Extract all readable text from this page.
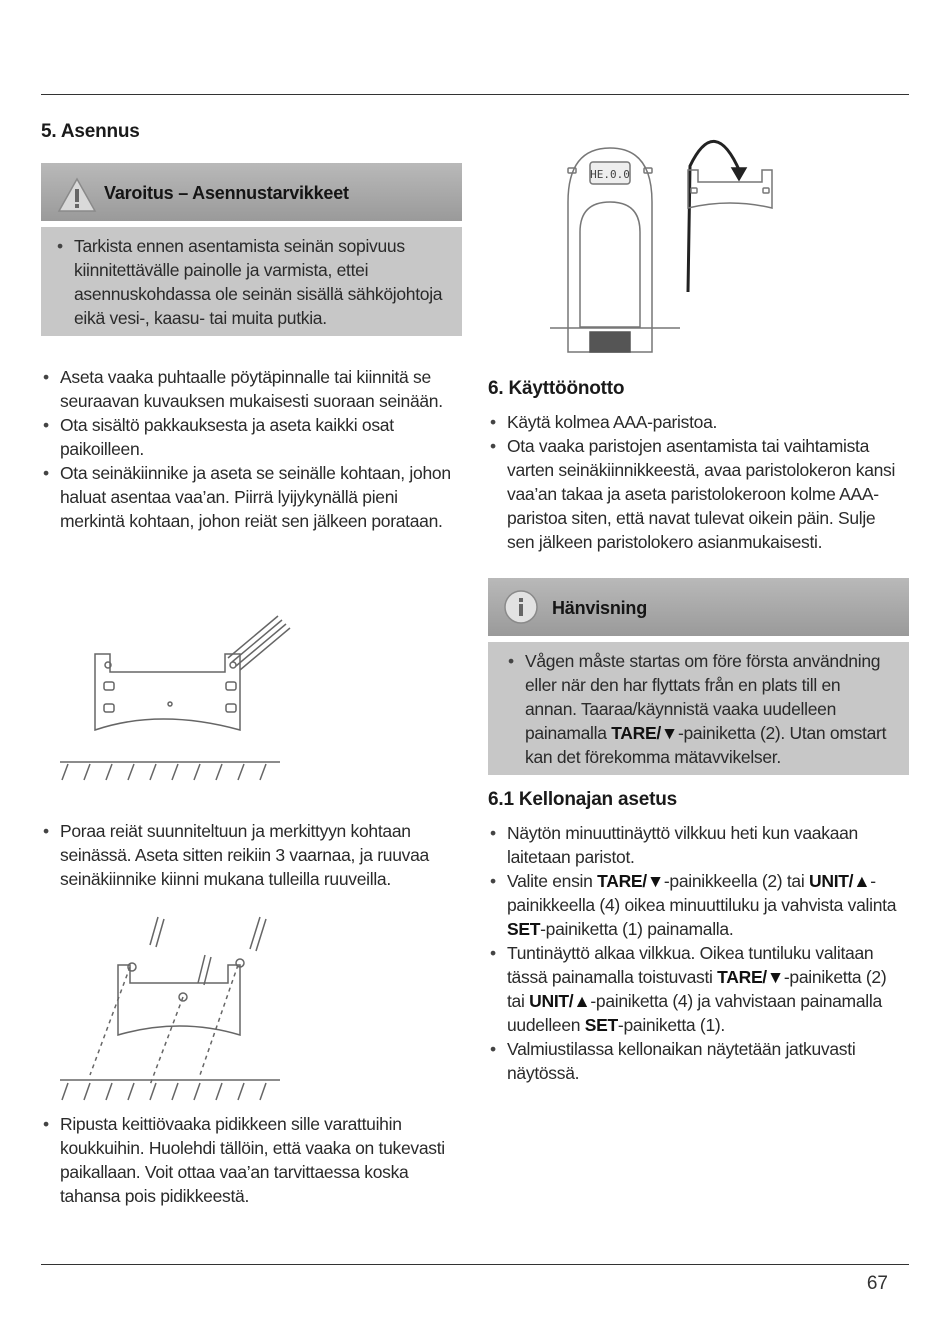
5. Asennus
Varoitus – Asennustarvikkeet
• Tarkista ennen asentamista seinän sopivuus kiinnitettävälle painolle ja varmista, ettei asennuskohdassa ole seinän sisällä sähköjohtoja eikä vesi-, kaasu- tai muita putkia.
• Aseta vaaka puhtaalle pöytäpinnalle tai kiinnitä se seuraavan kuvauksen mukaisesti suoraan seinään.
• Ota sisältö pakkauksesta ja aseta kaikki osat paikoilleen.
• Ota seinäkiinnike ja aseta se seinälle kohtaan, johon haluat asentaa vaa’an. Piirrä lyijykynällä pieni merkintä kohtaan, johon reiät sen jälkeen porataan.
• Poraa reiät suunniteltuun ja merkittyyn kohtaan seinässä. Aseta sitten reikiin 3 vaarnaa, ja ruuvaa seinäkiinnike kiinni mukana tulleilla ruuveilla.
• Ripusta keittiövaaka pidikkeen sille varattuihin koukkuihin. Huolehdi tällöin, että vaaka on tukevasti paikallaan. Voit ottaa vaa’an tarvittaessa koska tahansa pois pidikkeestä.
HE.0.0
6. Käyttöönotto
• Käytä kolmea AAA-paristoa.
• Ota vaaka paristojen asentamista tai vaihtamista varten seinäkiinnikkeestä, avaa paristolokeron kansi vaa’an takaa ja aseta paristolokeroon kolme AAA-paristoa siten, että navat tulevat oikein päin. Sulje sen jälkeen paristolokero asianmukaisesti.
Hänvisning
• Vågen måste startas om före första användning eller när den har flyttats från en plats till en annan. Taaraa/käynnistä vaaka uudelleen painamalla TARE/▼-painiketta (2). Utan omstart kan det förekomma mätavvikelser.
6.1 Kellonajan asetus
• Näytön minuuttinäyttö vilkkuu heti kun vaakaan laitetaan paristot.
• Valite ensin TARE/▼-painikkeella (2) tai UNIT/▲-painikkeella (4) oikea minuuttiluku ja vahvista valinta SET-painiketta (1) painamalla.
• Tuntinäyttö alkaa vilkkua. Oikea tuntiluku valitaan tässä painamalla toistuvasti TARE/▼-painiketta (2) tai UNIT/▲-painiketta (4) ja vahvistaan painamalla uudelleen SET-painiketta (1).
• Valmiustilassa kellonaikan näytetään jatkuvasti näytössä.
67
